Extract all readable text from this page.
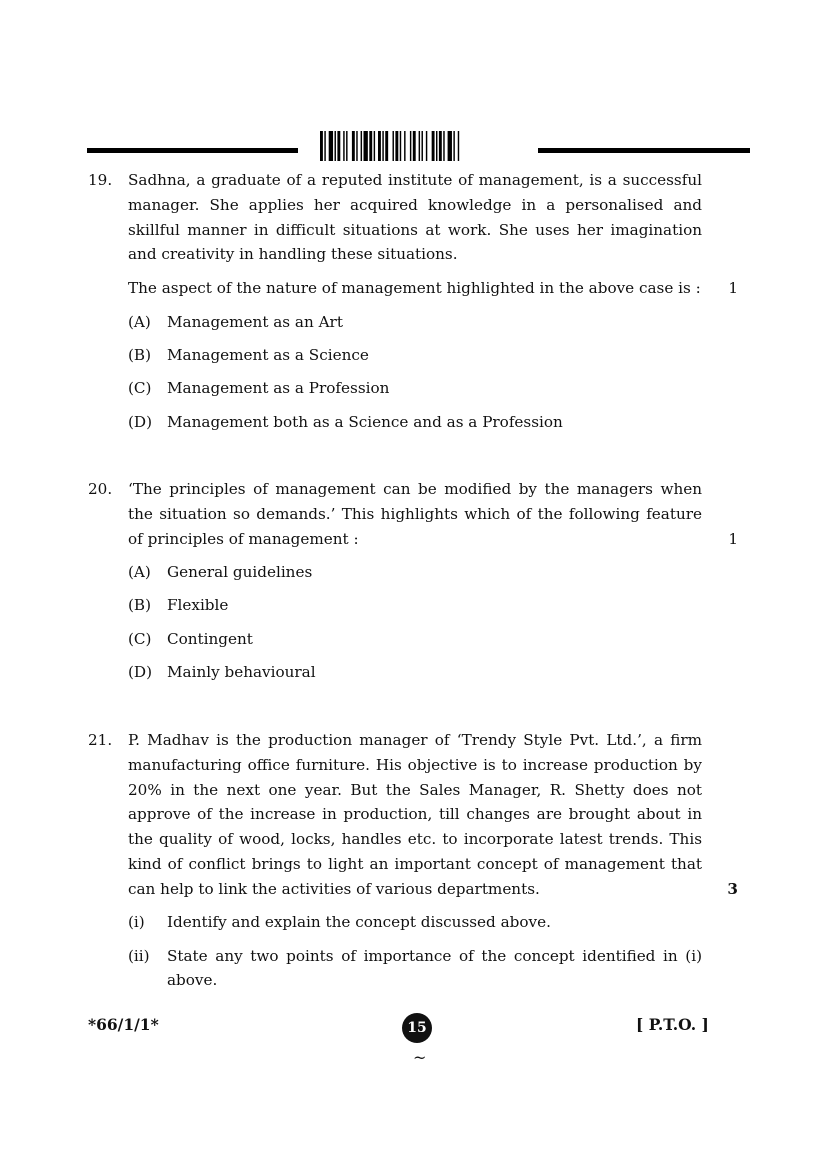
19. Sadhna, a graduate of a reputed institute of management, is a successful manager. She applies her acquired knowledge in a personalised and skillful manner in difficult situations at work. She uses her imagination and creativity in handling these situations.
The aspect of the nature of management highlighted in the above case is : 1
(A) Management as an Art
(B) Management as a Science
(C) Management as a Profession
(D) Management both as a Science and as a Profession
20. ‘The principles of management can be modified by the managers when the situation so demands.’ This highlights which of the following feature of principles of management :	1
(A) General guidelines
(B) Flexible
(C) Contingent
(D) Mainly behavioural
21. P. Madhav is the production manager of ‘Trendy Style Pvt. Ltd.’, a firm manufacturing office furniture. His objective is to increase production by 20% in the next one year. But the Sales Manager, R. Shetty does not approve of the increase in production, till changes are brought about in the quality of wood, locks, handles etc. to incorporate latest trends. This kind of conflict brings to light an important concept of management that can help to link the activities of various departments.	3
(i) Identify and explain the concept discussed above.
(ii) State any two points of importance of the concept identified in (i) above.
*66/1/1*	15	[ P.T.O. ]
~
